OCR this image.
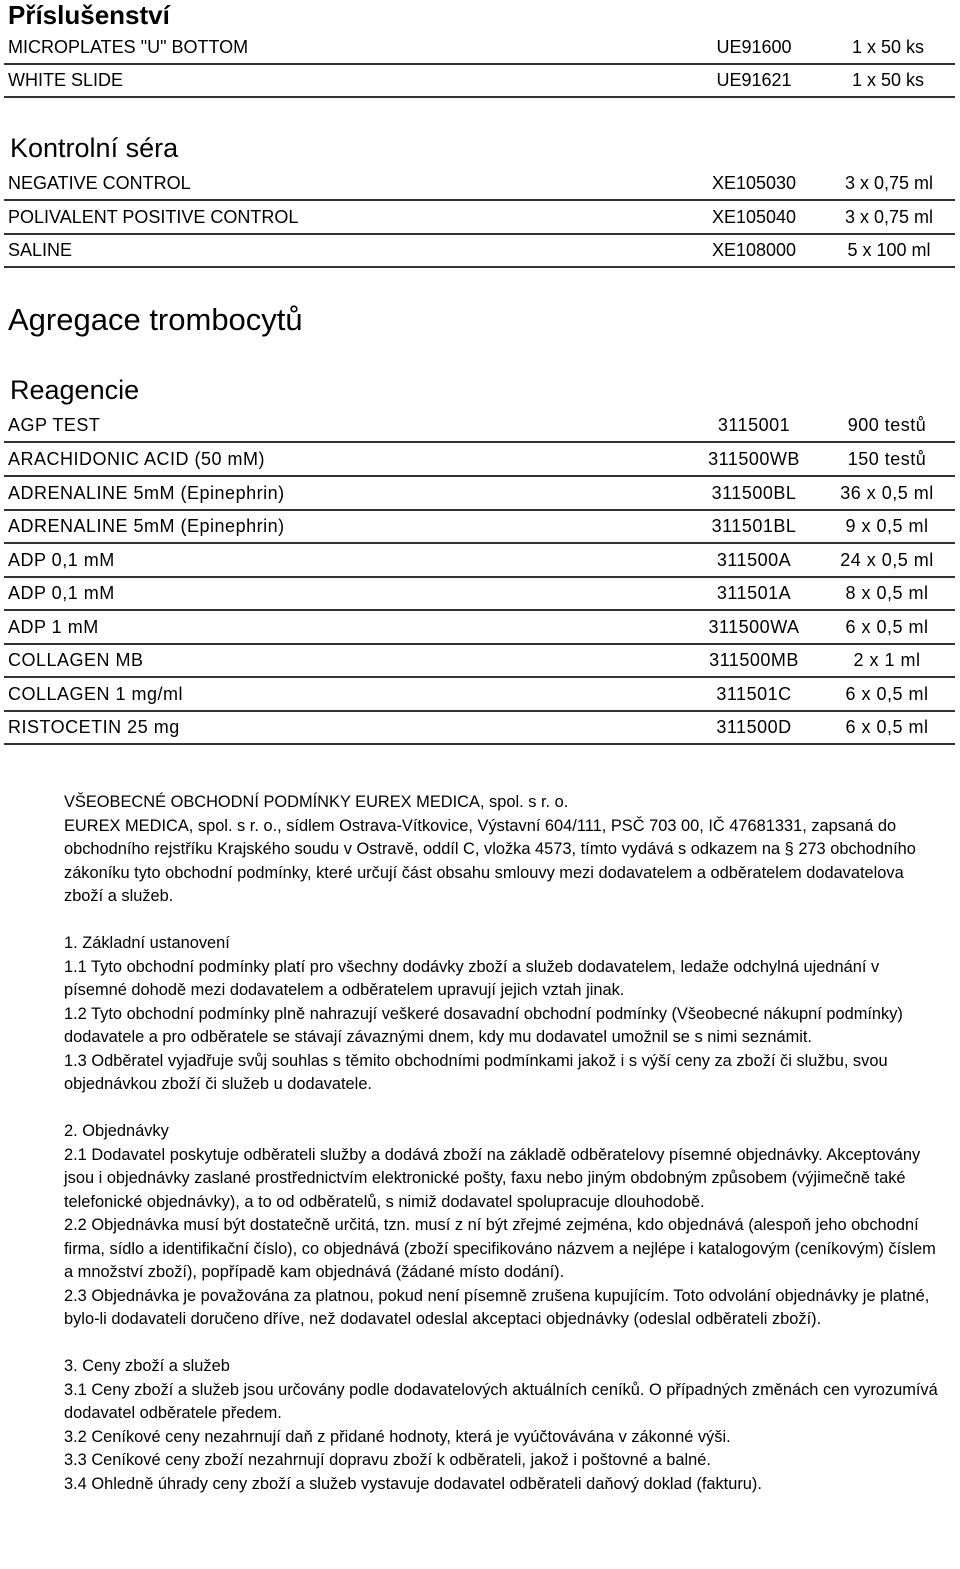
Příslušenství
MICROPLATES "U" BOTTOM	UE91600	1 x 50 ks
WHITE SLIDE	UE91621	1 x 50 ks
Kontrolní séra
NEGATIVE CONTROL	XE105030	3 x 0,75 ml
POLIVALENT POSITIVE CONTROL	XE105040	3 x 0,75 ml
SALINE	XE108000	5 x 100 ml
Agregace trombocytů
Reagencie
AGP TEST	3115001	900 testů
ARACHIDONIC ACID (50 mM)	311500WB	150 testů
ADRENALINE 5mM (Epinephrin)	311500BL	36 x 0,5 ml
ADRENALINE 5mM (Epinephrin)	311501BL	9 x 0,5 ml
ADP 0,1 mM	311500A	24 x 0,5 ml
ADP 0,1 mM	311501A	8 x 0,5 ml
ADP 1 mM	311500WA	6 x 0,5 ml
COLLAGEN MB	311500MB	2 x 1 ml
COLLAGEN 1 mg/ml	311501C	6 x 0,5 ml
RISTOCETIN 25 mg	311500D	6 x 0,5 ml

VŠEOBECNÉ OBCHODNÍ PODMÍNKY EUREX MEDICA, spol. s r. o.

EUREX MEDICA, spol. s r. o., sídlem Ostrava-Vítkovice, Výstavní 604/111, PSČ 703 00, IČ 47681331, zapsaná do obchodního rejstříku Krajského soudu v Ostravě, oddíl C, vložka 4573, tímto vydává s odkazem na § 273 obchodního zákoníku tyto obchodní podmínky, které určují část obsahu smlouvy mezi dodavatelem a odběratelem dodavatelova zboží a služeb.

1. Základní ustanovení

1.1 Tyto obchodní podmínky platí pro všechny dodávky zboží a služeb dodavatelem, ledaže odchylná ujednání v písemné dohodě mezi dodavatelem a odběratelem upravují jejich vztah jinak.

1.2 Tyto obchodní podmínky plně nahrazují veškeré dosavadní obchodní podmínky (Všeobecné nákupní podmínky) dodavatele a pro odběratele se stávají závaznými dnem, kdy mu dodavatel umožnil se s nimi seznámit.

1.3 Odběratel vyjadřuje svůj souhlas s těmito obchodními podmínkami jakož i s výší ceny za zboží či službu, svou objednávkou zboží či služeb u dodavatele.

2. Objednávky

2.1 Dodavatel poskytuje odběrateli služby a dodává zboží na základě odběratelovy písemné objednávky. Akceptovány jsou i objednávky zaslané prostřednictvím elektronické pošty, faxu nebo jiným obdobným způsobem (výjimečně také telefonické objednávky), a to od odběratelů, s nimiž dodavatel spolupracuje dlouhodobě.

2.2 Objednávka musí být dostatečně určitá, tzn. musí z ní být zřejmé zejména, kdo objednává (alespoň jeho obchodní firma, sídlo a identifikační číslo), co objednává (zboží specifikováno názvem a nejlépe i katalogovým (ceníkovým) číslem a množství zboží), popřípadě kam objednává (žádané místo dodání).

2.3 Objednávka je považována za platnou, pokud není písemně zrušena kupujícím. Toto odvolání objednávky je platné, bylo-li dodavateli doručeno dříve, než dodavatel odeslal akceptaci objednávky (odeslal odběrateli zboží).

3. Ceny zboží a služeb

3.1 Ceny zboží a služeb jsou určovány podle dodavatelových aktuálních ceníků. O případných změnách cen vyrozumívá dodavatel odběratele předem.

3.2 Ceníkové ceny nezahrnují daň z přidané hodnoty, která je vyúčtovávána v zákonné výši.

3.3 Ceníkové ceny zboží nezahrnují dopravu zboží k odběrateli, jakož i poštovné a balné.

3.4 Ohledně úhrady ceny zboží a služeb vystavuje dodavatel odběrateli daňový doklad (fakturu).
